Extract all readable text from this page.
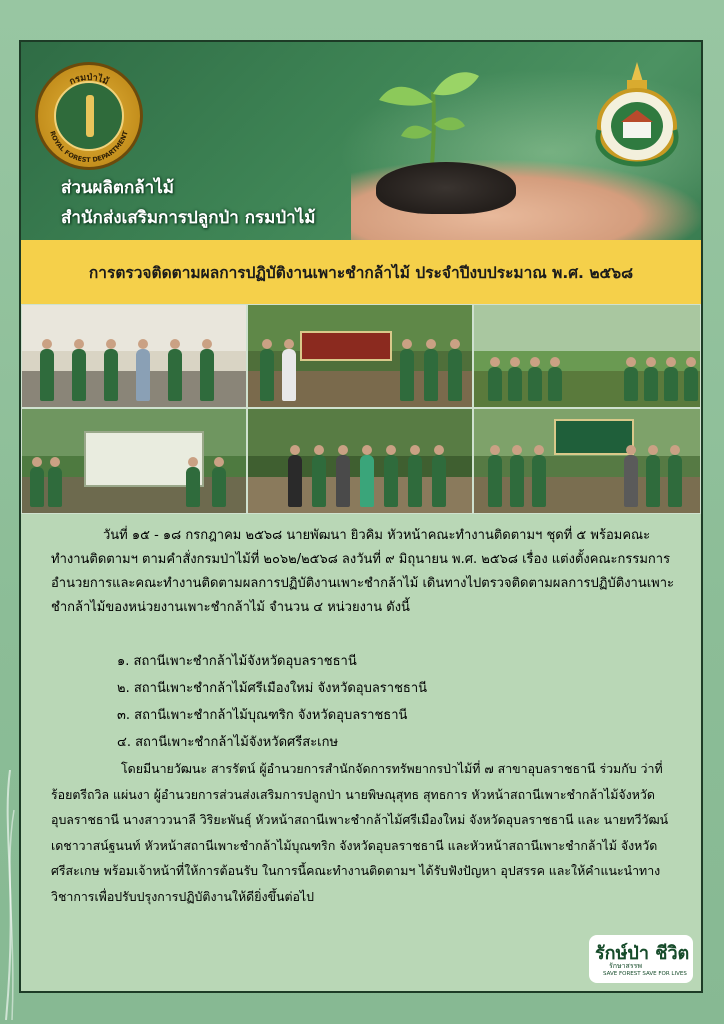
กรมป่าไม้
ROYAL FOREST DEPARTMENT
ส่วนผลิตกล้าไม้
สำนักส่งเสริมการปลูกป่า กรมป่าไม้
การตรวจติดตามผลการปฏิบัติงานเพาะชำกล้าไม้ ประจำปีงบประมาณ พ.ศ. ๒๕๖๘

วันที่ ๑๕ - ๑๘ กรกฎาคม ๒๕๖๘ นายพัฒนา ยิวคิม หัวหน้าคณะทำงานติดตามฯ ชุดที่ ๕ พร้อมคณะทำงานติดตามฯ ตามคำสั่งกรมป่าไม้ที่ ๒๐๖๒/๒๕๖๘ ลงวันที่ ๙ มิถุนายน พ.ศ. ๒๕๖๘ เรื่อง แต่งตั้งคณะกรรมการอำนวยการและคณะทำงานติดตามผลการปฏิบัติงานเพาะชำกล้าไม้ เดินทางไปตรวจติดตามผลการปฏิบัติงานเพาะชำกล้าไม้ของหน่วยงานเพาะชำกล้าไม้ จำนวน ๔ หน่วยงาน ดังนี้

๑. สถานีเพาะชำกล้าไม้จังหวัดอุบลราชธานี
๒. สถานีเพาะชำกล้าไม้ศรีเมืองใหม่ จังหวัดอุบลราชธานี
๓. สถานีเพาะชำกล้าไม้บุณฑริก จังหวัดอุบลราชธานี
๔. สถานีเพาะชำกล้าไม้จังหวัดศรีสะเกษ

โดยมีนายวัฒนะ สารรัตน์ ผู้อำนวยการสำนักจัดการทรัพยากรป่าไม้ที่ ๗ สาขาอุบลราชธานี ร่วมกับ ว่าที่ร้อยตรีถวิล แผ่นงา ผู้อำนวยการส่วนส่งเสริมการปลูกป่า นายพิษณุสุทธ สุทธการ หัวหน้าสถานีเพาะชำกล้าไม้จังหวัดอุบลราชธานี นางสาววนาลี วิริยะพันธุ์ หัวหน้าสถานีเพาะชำกล้าไม้ศรีเมืองใหม่ จังหวัดอุบลราชธานี และ นายทวีวัฒน์ เดชาวาสน์ฐนนท์ หัวหน้าสถานีเพาะชำกล้าไม้บุณฑริก จังหวัดอุบลราชธานี และหัวหน้าสถานีเพาะชำกล้าไม้ จังหวัดศรีสะเกษ พร้อมเจ้าหน้าที่ให้การต้อนรับ ในการนี้คณะทำงานติดตามฯ ได้รับฟังปัญหา อุปสรรค และให้คำแนะนำทางวิชาการเพื่อปรับปรุงการปฏิบัติงานให้ดียิ่งขึ้นต่อไป

รักษ์ป่า ชีวิต
รักษาสรรพ
SAVE FOREST SAVE FOR LIVES
